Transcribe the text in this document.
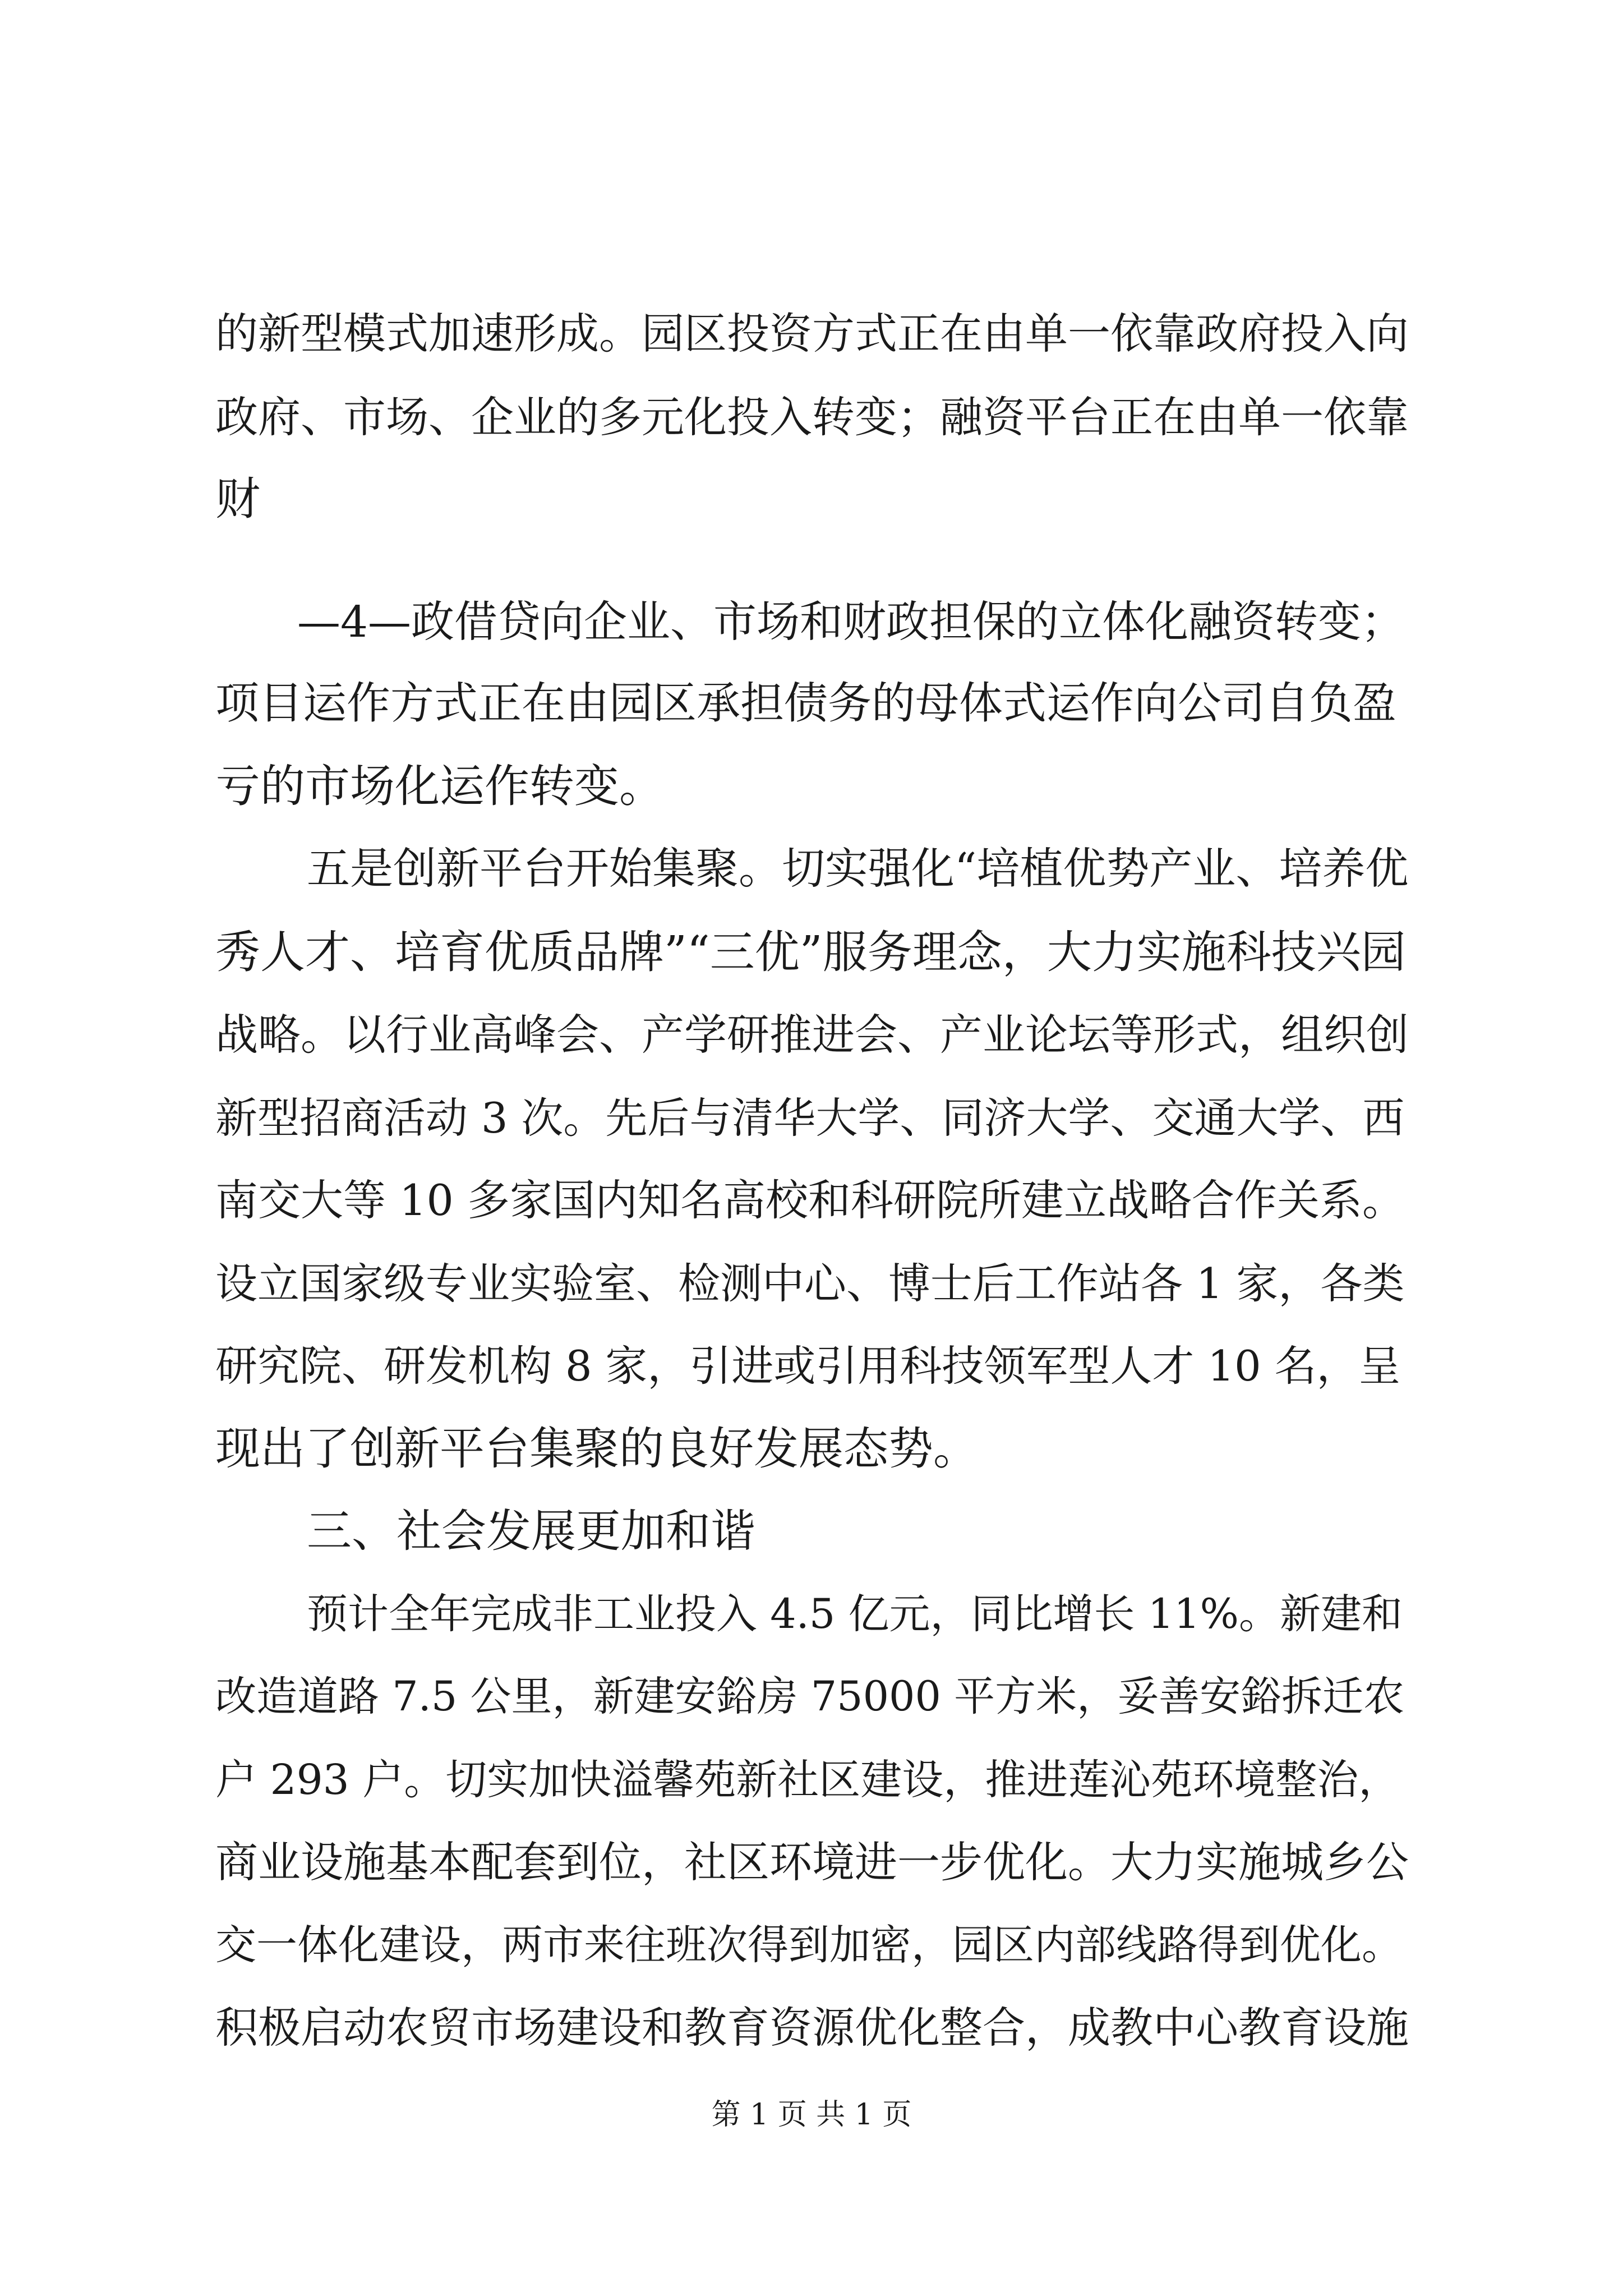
的新型模式加速形成。园区投资方式正在由单一依靠政府投入向
政府、市场、企业的多元化投入转变；融资平台正在由单一依靠
财
—4—政借贷向企业、市场和财政担保的立体化融资转变；
项目运作方式正在由园区承担债务的母体式运作向公司自负盈
亏的市场化运作转变。
五是创新平台开始集聚。切实强化“培植优势产业、培养优
秀人才、培育优质品牌”“三优”服务理念，大力实施科技兴园
战略。以行业高峰会、产学研推进会、产业论坛等形式，组织创
新型招商活动 3 次。先后与清华大学、同济大学、交通大学、西
南交大等 10 多家国内知名高校和科研院所建立战略合作关系。
设立国家级专业实验室、检测中心、博士后工作站各 1 家，各类
研究院、研发机构 8 家，引进或引用科技领军型人才 10 名，呈
现出了创新平台集聚的良好发展态势。
三、社会发展更加和谐
预计全年完成非工业投入 4.5 亿元，同比增长 11%。新建和
改造道路 7.5 公里，新建安鋊房 75000 平方米，妥善安鋊拆迁农
户 293 户。切实加快溢馨苑新社区建设，推进莲沁苑环境整治，
商业设施基本配套到位，社区环境进一步优化。大力实施城乡公
交一体化建设，两市来往班次得到加密，园区内部线路得到优化。
积极启动农贸市场建设和教育资源优化整合，成教中心教育设施
第 1 页 共 1 页
